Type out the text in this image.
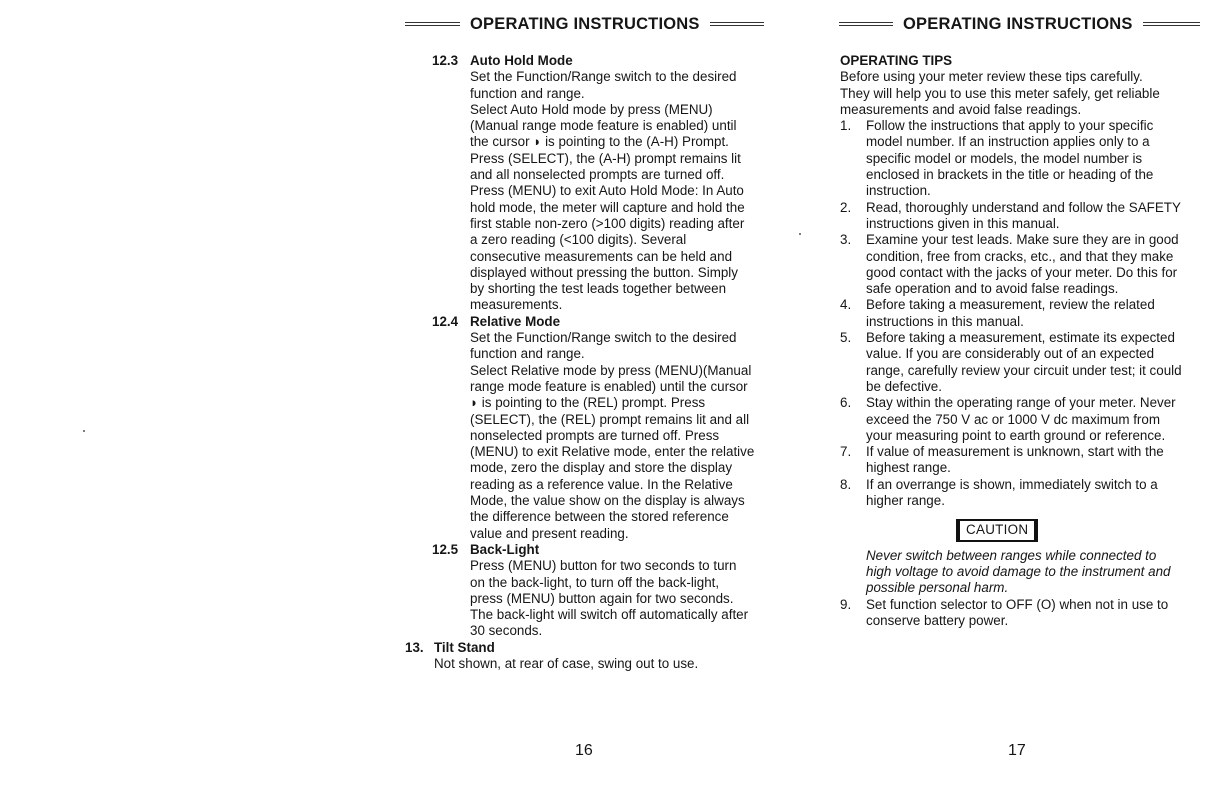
OPERATING INSTRUCTIONS
12.3 Auto Hold Mode
Set the Function/Range switch to the desired
function and range.
Select Auto Hold mode by press (MENU)
(Manual range mode feature is enabled) until
the cursor ◗ is pointing to the (A-H) Prompt.
Press (SELECT), the (A-H) prompt remains lit
and all nonselected prompts are turned off.
Press (MENU) to exit Auto Hold Mode: In Auto
hold mode, the meter will capture and hold the
first stable non-zero (>100 digits) reading after
a zero reading (<100 digits). Several
consecutive measurements can be held and
displayed without pressing the button. Simply
by shorting the test leads together between
measurements.
12.4 Relative Mode
Set the Function/Range switch to the desired
function and range.
Select Relative mode by press (MENU)(Manual
range mode feature is enabled) until the cursor
◗ is pointing to the (REL) prompt. Press
(SELECT), the (REL) prompt remains lit and all
nonselected prompts are turned off. Press
(MENU) to exit Relative mode, enter the relative
mode, zero the display and store the display
reading as a reference value. In the Relative
Mode, the value show on the display is always
the difference between the stored reference
value and present reading.
12.5 Back-Light
Press (MENU) button for two seconds to turn
on the back-light, to turn off the back-light,
press (MENU) button again for two seconds.
The back-light will switch off automatically after
30 seconds.
13. Tilt Stand
Not shown, at rear of case, swing out to use.
16
OPERATING INSTRUCTIONS
OPERATING TIPS
Before using your meter review these tips carefully.
They will help you to use this meter safely, get reliable
measurements and avoid false readings.
1.	Follow the instructions that apply to your specific
model number. If an instruction applies only to a
specific model or models, the model number is
enclosed in brackets in the title or heading of the
instruction.
2.	Read, thoroughly understand and follow the SAFETY
instructions given in this manual.
3.	Examine your test leads. Make sure they are in good
condition, free from cracks, etc., and that they make
good contact with the jacks of your meter. Do this for
safe operation and to avoid false readings.
4.	Before taking a measurement, review the related
instructions in this manual.
5.	Before taking a measurement, estimate its expected
value. If you are considerably out of an expected
range, carefully review your circuit under test; it could
be defective.
6.	Stay within the operating range of your meter. Never
exceed the 750 V ac or 1000 V dc maximum from
your measuring point to earth ground or reference.
7.	If value of measurement is unknown, start with the
highest range.
8.	If an overrange is shown, immediately switch to a
higher range.
CAUTION
Never switch between ranges while connected to
high voltage to avoid damage to the instrument and
possible personal harm.
9.	Set function selector to OFF (O) when not in use to
conserve battery power.
17
